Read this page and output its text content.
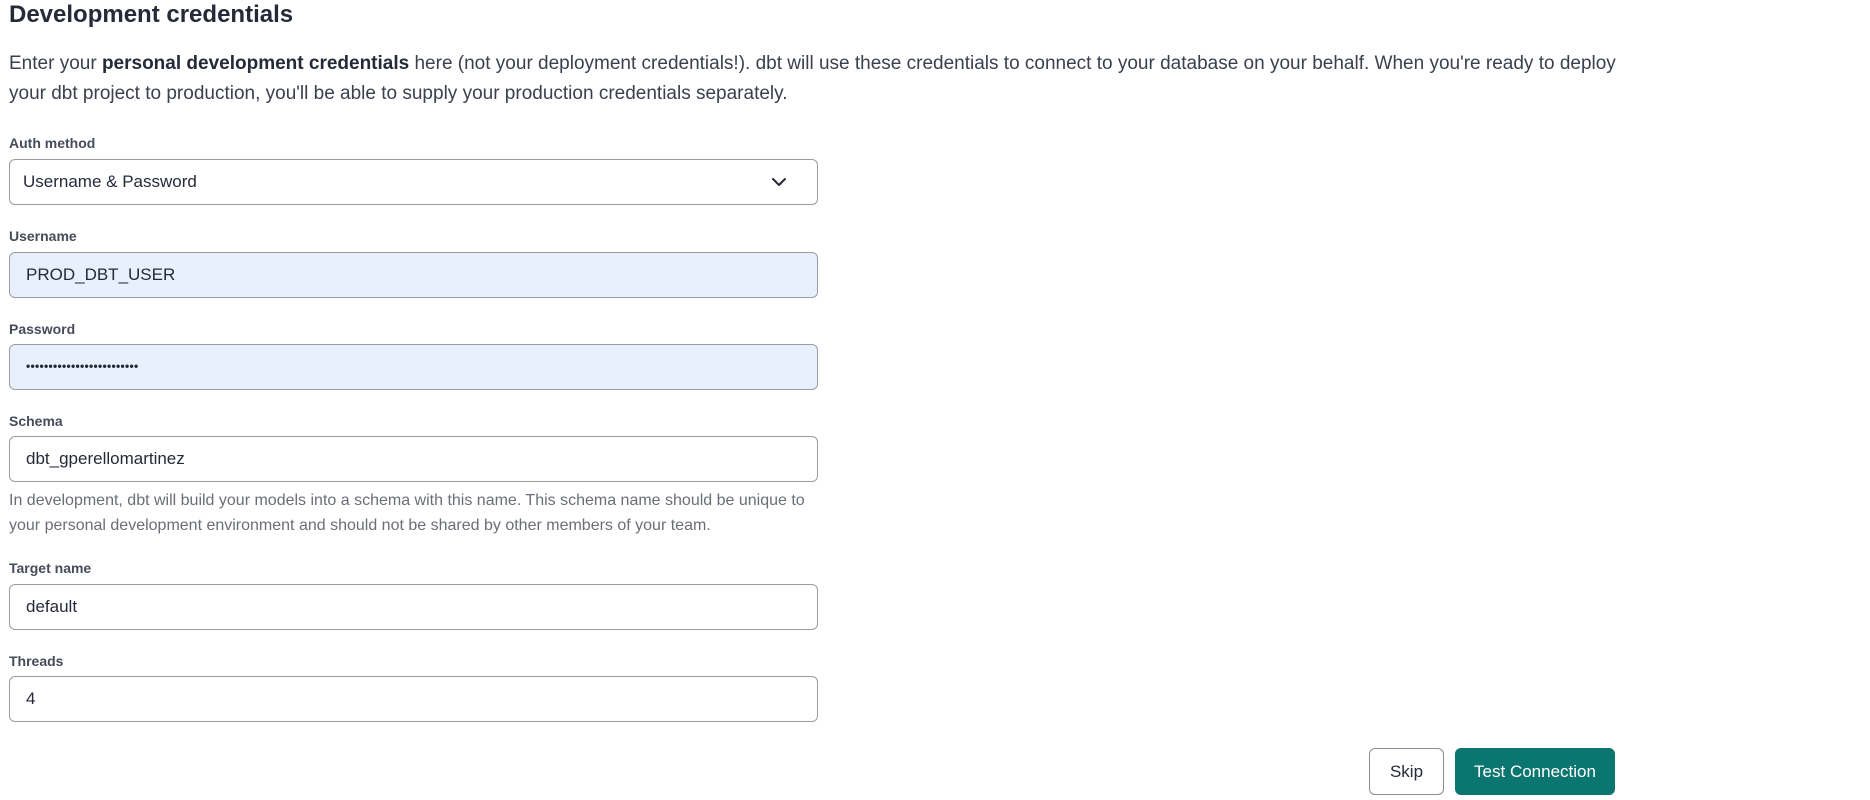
Development credentials

Enter your personal development credentials here (not your deployment credentials!). dbt will use these credentials to connect to your database on your behalf. When you're ready to deploy your dbt project to production, you'll be able to supply your production credentials separately.

Auth method
Username & Password
Username
PROD_DBT_USER
Password
•••••••••••••••••••••••••
Schema
dbt_gperellomartinez

In development, dbt will build your models into a schema with this name. This schema name should be unique to your personal development environment and should not be shared by other members of your team.

Target name
default
Threads
4
Skip	Test Connection
